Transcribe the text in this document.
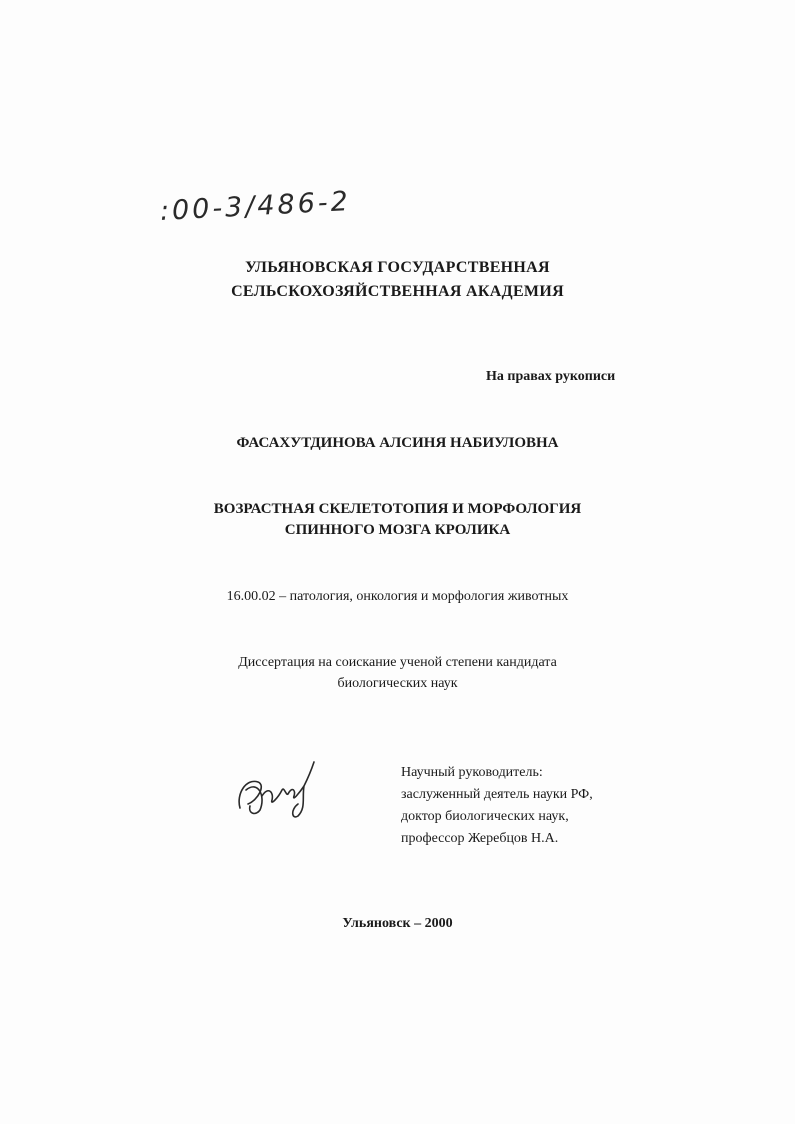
:00-3/486-2
УЛЬЯНОВСКАЯ ГОСУДАРСТВЕННАЯ
СЕЛЬСКОХОЗЯЙСТВЕННАЯ АКАДЕМИЯ
На правах рукописи
ФАСАХУТДИНОВА АЛСИНЯ НАБИУЛОВНА
ВОЗРАСТНАЯ СКЕЛЕТОТОПИЯ И МОРФОЛОГИЯ
СПИННОГО МОЗГА КРОЛИКА
16.00.02 – патология, онкология и морфология животных
Диссертация на соискание ученой степени кандидата
биологических наук
Научный руководитель:
заслуженный деятель науки РФ,
доктор биологических наук,
профессор Жеребцов Н.А.
Ульяновск – 2000
